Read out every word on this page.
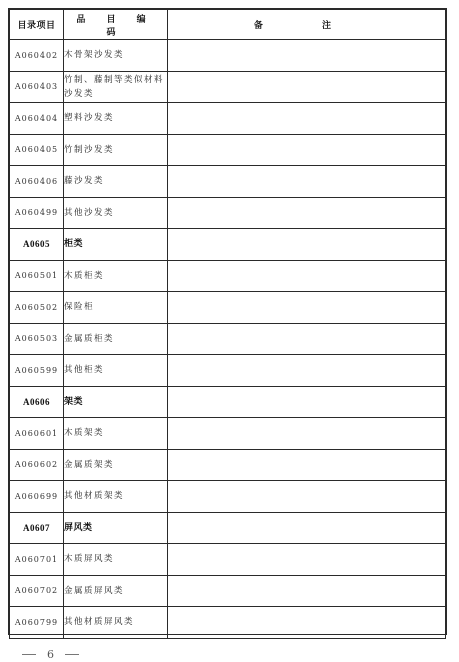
目录项目	品 目 编 码	备 注
A060402	木骨架沙发类	
A060403	竹制、藤制等类似材料沙发类	
A060404	塑料沙发类	
A060405	竹制沙发类	
A060406	藤沙发类	
A060499	其他沙发类	
A0605	柜类	
A060501	木质柜类	
A060502	保险柜	
A060503	金属质柜类	
A060599	其他柜类	
A0606	架类	
A060601	木质架类	
A060602	金属质架类	
A060699	其他材质架类	
A0607	屏风类	
A060701	木质屏风类	
A060702	金属质屏风类	
A060799	其他材质屏风类	
6
